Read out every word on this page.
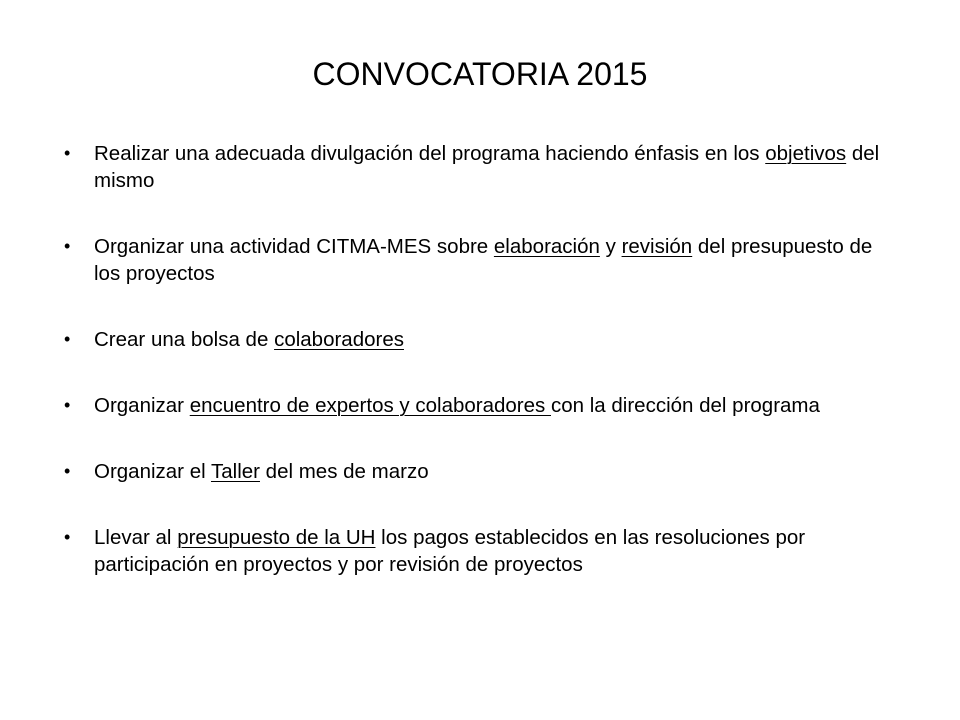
CONVOCATORIA 2015
• Realizar una adecuada divulgación del programa haciendo énfasis en los objetivos del mismo
• Organizar una actividad CITMA-MES sobre elaboración y revisión del presupuesto de los proyectos
• Crear una bolsa de colaboradores
• Organizar encuentro de expertos y colaboradores con la dirección del programa
• Organizar el Taller del mes de marzo
• Llevar al presupuesto de la UH los pagos establecidos en las resoluciones por participación en proyectos y por revisión de proyectos
